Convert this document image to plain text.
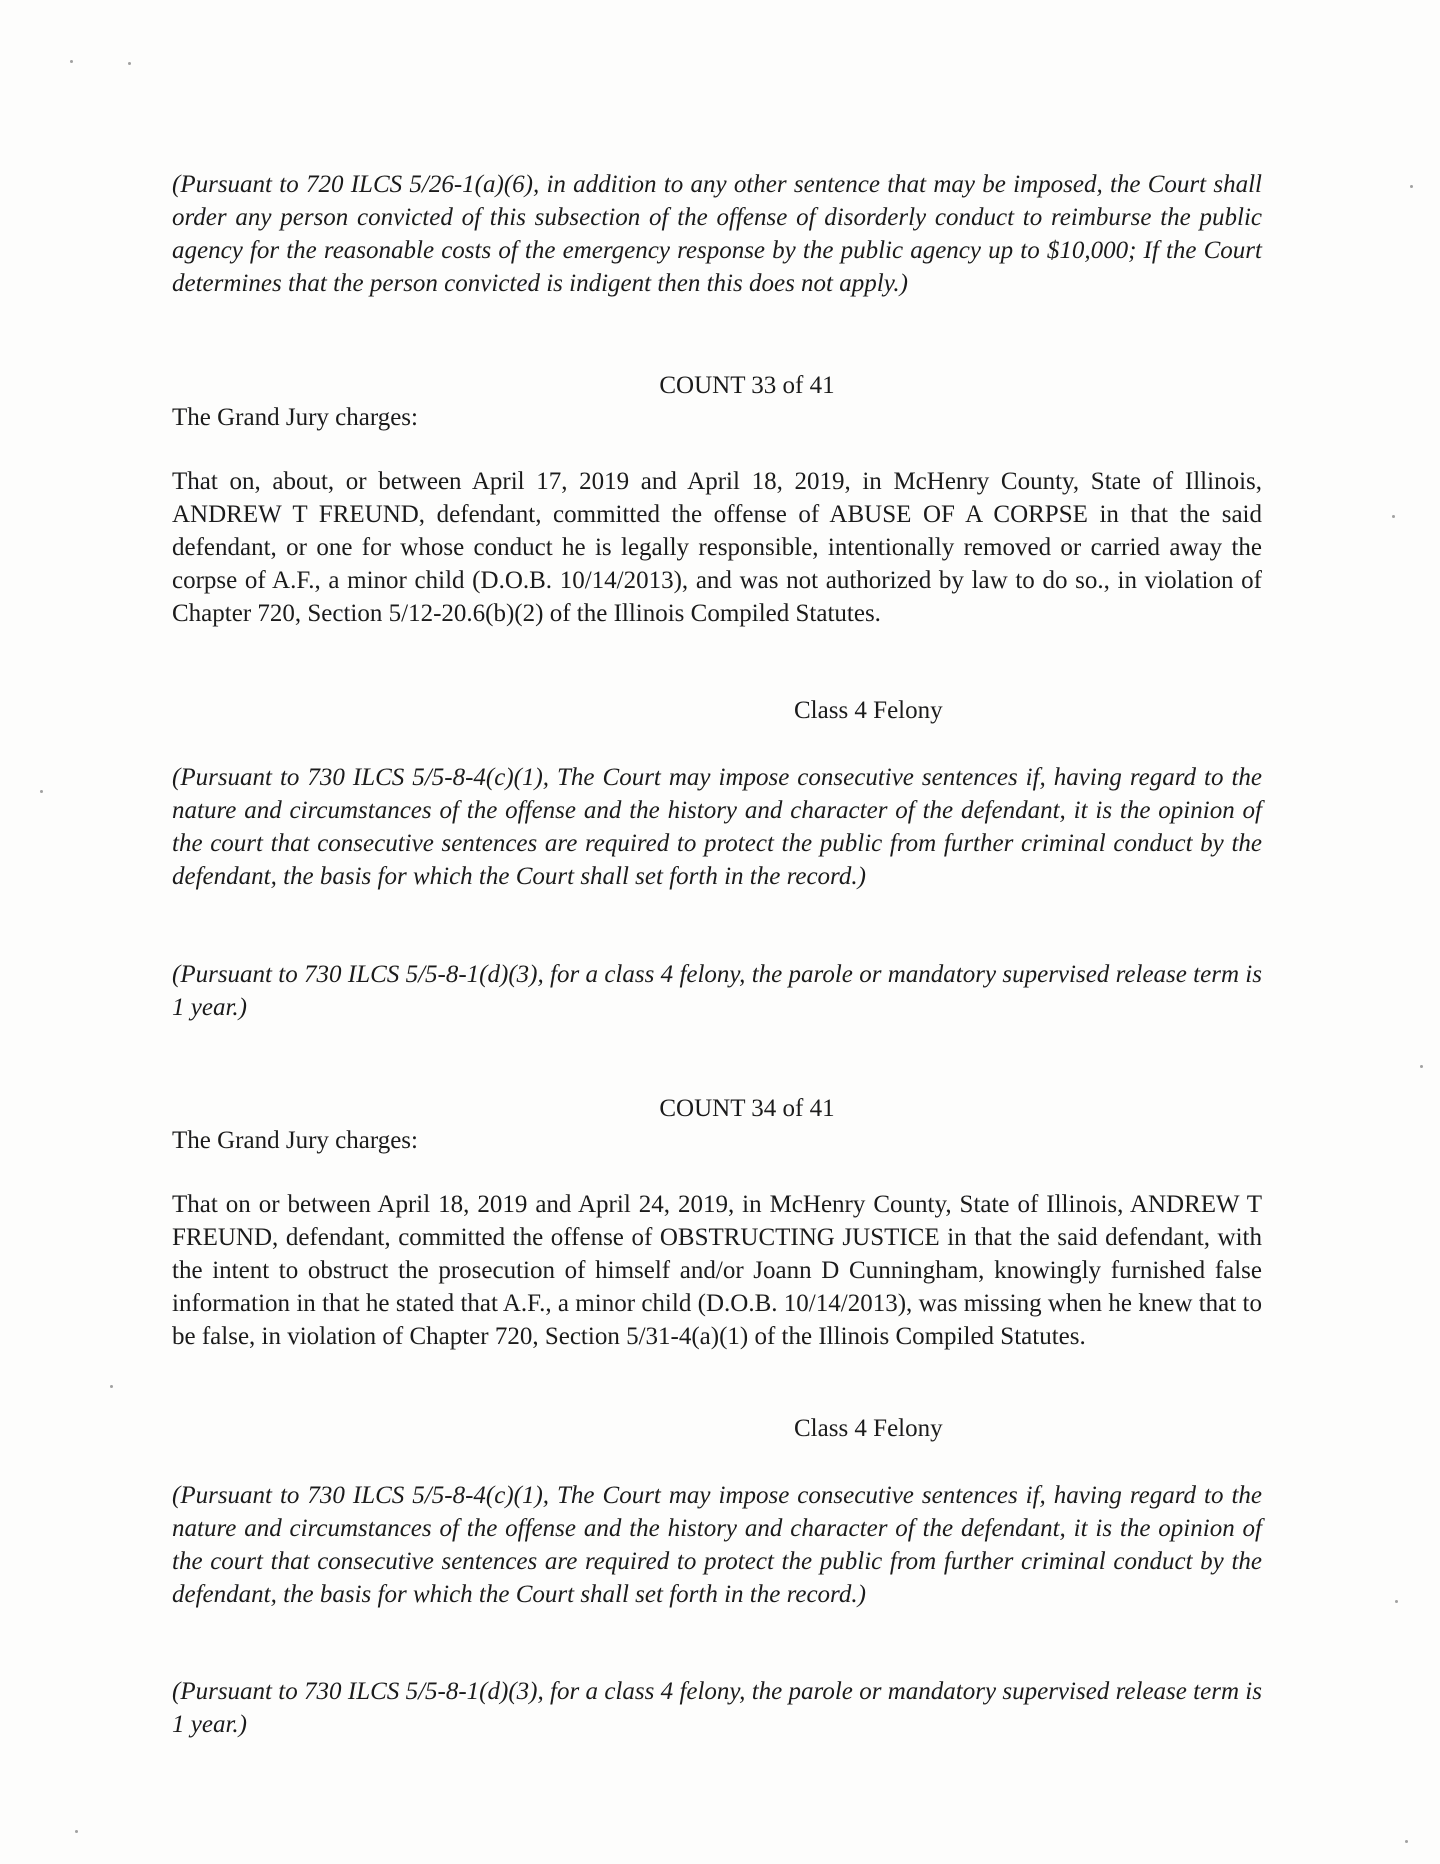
(Pursuant to 720 ILCS 5/26-1(a)(6), in addition to any other sentence that may be imposed, the Court shall order any person convicted of this subsection of the offense of disorderly conduct to reimburse the public agency for the reasonable costs of the emergency response by the public agency up to $10,000; If the Court determines that the person convicted is indigent then this does not apply.)

COUNT 33 of 41

The Grand Jury charges:

That on, about, or between April 17, 2019 and April 18, 2019, in McHenry County, State of Illinois, ANDREW T FREUND, defendant, committed the offense of ABUSE OF A CORPSE in that the said defendant, or one for whose conduct he is legally responsible, intentionally removed or carried away the corpse of A.F., a minor child (D.O.B. 10/14/2013), and was not authorized by law to do so., in violation of Chapter 720, Section 5/12-20.6(b)(2) of the Illinois Compiled Statutes.

Class 4 Felony

(Pursuant to 730 ILCS 5/5-8-4(c)(1), The Court may impose consecutive sentences if, having regard to the nature and circumstances of the offense and the history and character of the defendant, it is the opinion of the court that consecutive sentences are required to protect the public from further criminal conduct by the defendant, the basis for which the Court shall set forth in the record.)

(Pursuant to 730 ILCS 5/5-8-1(d)(3), for a class 4 felony, the parole or mandatory supervised release term is 1 year.)

COUNT 34 of 41

The Grand Jury charges:

That on or between April 18, 2019 and April 24, 2019, in McHenry County, State of Illinois, ANDREW T FREUND, defendant, committed the offense of OBSTRUCTING JUSTICE in that the said defendant, with the intent to obstruct the prosecution of himself and/or Joann D Cunningham, knowingly furnished false information in that he stated that A.F., a minor child (D.O.B. 10/14/2013), was missing when he knew that to be false, in violation of Chapter 720, Section 5/31-4(a)(1) of the Illinois Compiled Statutes.

Class 4 Felony

(Pursuant to 730 ILCS 5/5-8-4(c)(1), The Court may impose consecutive sentences if, having regard to the nature and circumstances of the offense and the history and character of the defendant, it is the opinion of the court that consecutive sentences are required to protect the public from further criminal conduct by the defendant, the basis for which the Court shall set forth in the record.)

(Pursuant to 730 ILCS 5/5-8-1(d)(3), for a class 4 felony, the parole or mandatory supervised release term is 1 year.)
